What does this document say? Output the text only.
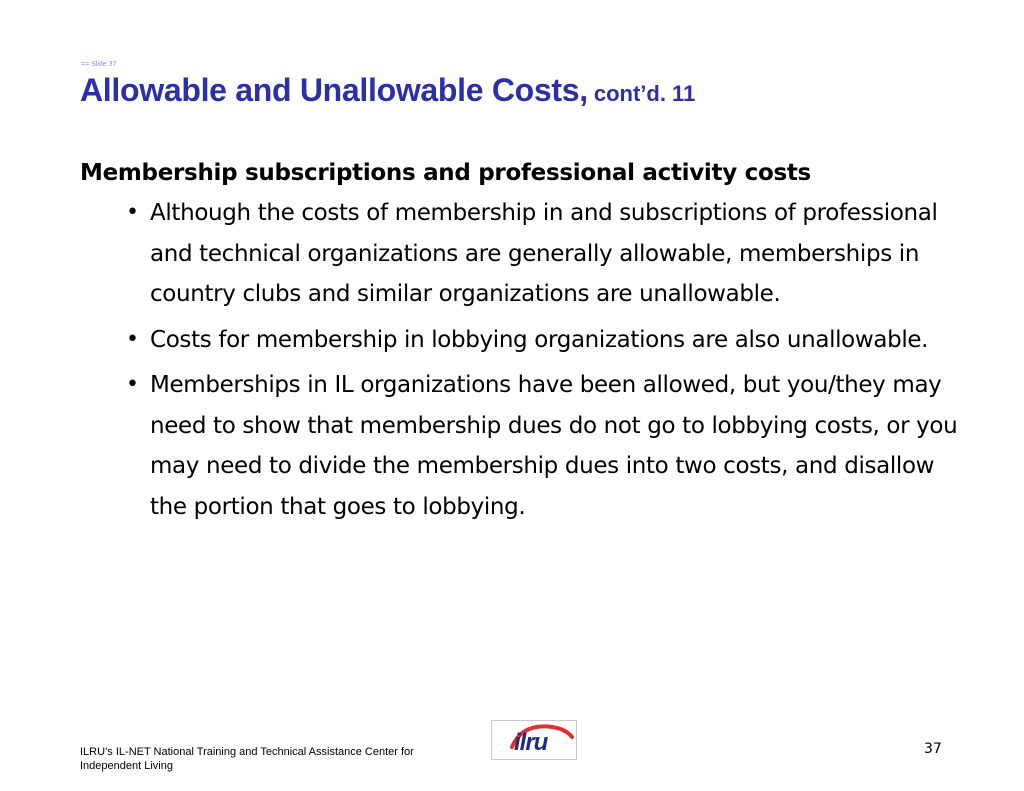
== Slide 37
Allowable and Unallowable Costs, cont’d. 11

Membership subscriptions and professional activity costs

• Although the costs of membership in and subscriptions of professional and technical organizations are generally allowable, memberships in country clubs and similar organizations are unallowable.
• Costs for membership in lobbying organizations are also unallowable.
• Memberships in IL organizations have been allowed, but you/they may need to show that membership dues do not go to lobbying costs, or you may need to divide the membership dues into two costs, and disallow the portion that goes to lobbying.
ILRU’s IL-NET National Training and Technical Assistance Center for
Independent Living
ilru	37
